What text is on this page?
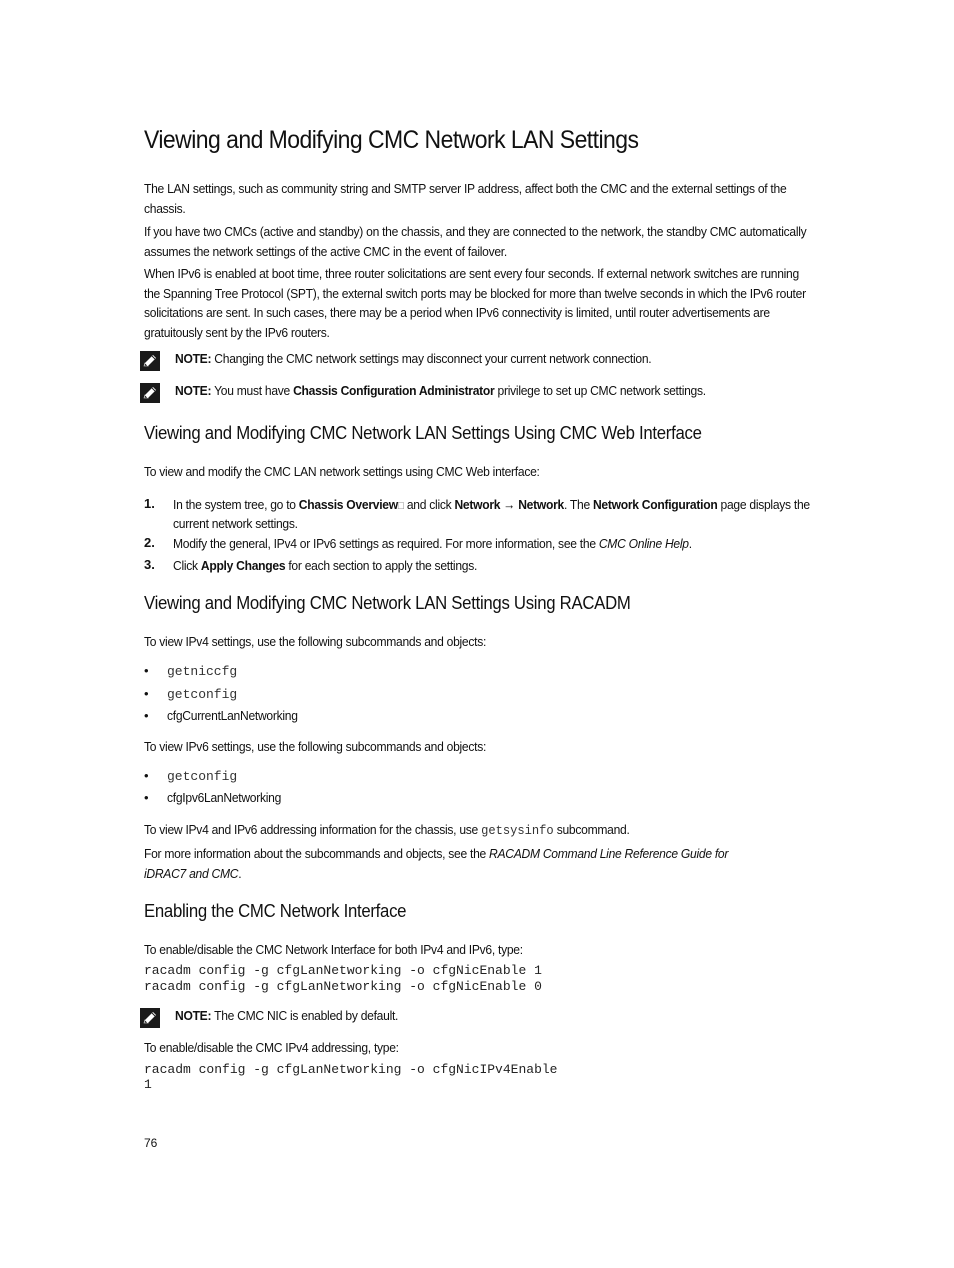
Viewing and Modifying CMC Network LAN Settings
The LAN settings, such as community string and SMTP server IP address, affect both the CMC and the external settings of the chassis.
If you have two CMCs (active and standby) on the chassis, and they are connected to the network, the standby CMC automatically assumes the network settings of the active CMC in the event of failover.
When IPv6 is enabled at boot time, three router solicitations are sent every four seconds. If external network switches are running the Spanning Tree Protocol (SPT), the external switch ports may be blocked for more than twelve seconds in which the IPv6 router solicitations are sent. In such cases, there may be a period when IPv6 connectivity is limited, until router advertisements are gratuitously sent by the IPv6 routers.
NOTE: Changing the CMC network settings may disconnect your current network connection.
NOTE: You must have Chassis Configuration Administrator privilege to set up CMC network settings.
Viewing and Modifying CMC Network LAN Settings Using CMC Web Interface
To view and modify the CMC LAN network settings using CMC Web interface:
1. In the system tree, go to Chassis Overview□ and click Network → Network. The Network Configuration page displays the current network settings.
2. Modify the general, IPv4 or IPv6 settings as required. For more information, see the CMC Online Help.
3. Click Apply Changes for each section to apply the settings.
Viewing and Modifying CMC Network LAN Settings Using RACADM
To view IPv4 settings, use the following subcommands and objects:
• getniccfg
• getconfig
• cfgCurrentLanNetworking
To view IPv6 settings, use the following subcommands and objects:
• getconfig
• cfgIpv6LanNetworking
To view IPv4 and IPv6 addressing information for the chassis, use getsysinfo subcommand.
For more information about the subcommands and objects, see the RACADM Command Line Reference Guide for
iDRAC7 and CMC.
Enabling the CMC Network Interface
To enable/disable the CMC Network Interface for both IPv4 and IPv6, type:
racadm config -g cfgLanNetworking -o cfgNicEnable 1
racadm config -g cfgLanNetworking -o cfgNicEnable 0
NOTE: The CMC NIC is enabled by default.
To enable/disable the CMC IPv4 addressing, type:
racadm config -g cfgLanNetworking -o cfgNicIPv4Enable
1
76
